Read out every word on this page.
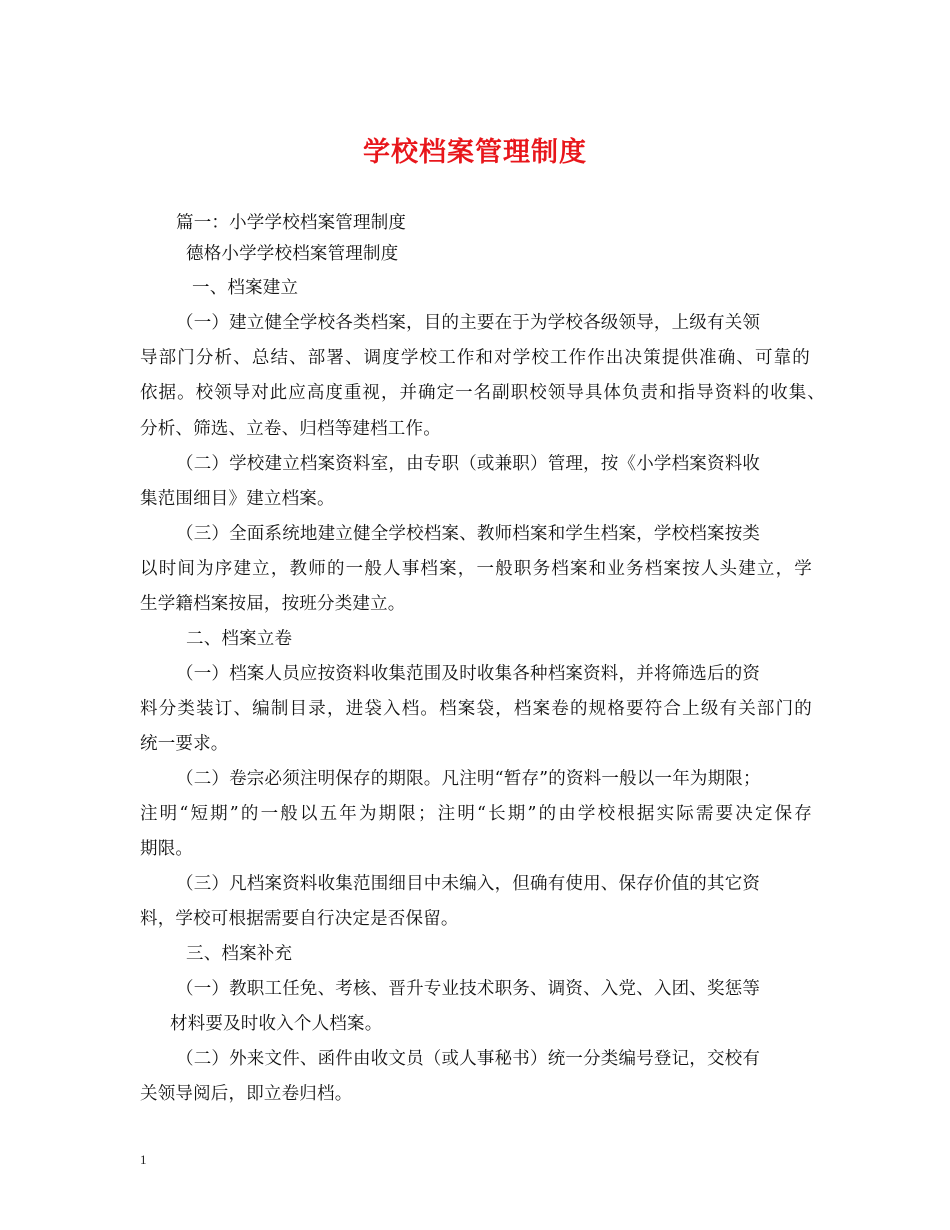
学校档案管理制度
篇一：小学学校档案管理制度
德格小学学校档案管理制度
一、档案建立
（一）建立健全学校各类档案，目的主要在于为学校各级领导，上级有关领
导部门分析、总结、部署、调度学校工作和对学校工作作出决策提供准确、可靠的
依据。校领导对此应高度重视，并确定一名副职校领导具体负责和指导资料的收集、
分析、筛选、立卷、归档等建档工作。
（二）学校建立档案资料室，由专职（或兼职）管理，按《小学档案资料收
集范围细目》建立档案。
（三）全面系统地建立健全学校档案、教师档案和学生档案，学校档案按类
以时间为序建立，教师的一般人事档案，一般职务档案和业务档案按人头建立，学
生学籍档案按届，按班分类建立。
二、档案立卷
（一）档案人员应按资料收集范围及时收集各种档案资料，并将筛选后的资
料分类装订、编制目录，进袋入档。档案袋，档案卷的规格要符合上级有关部门的
统一要求。
（二）卷宗必须注明保存的期限。凡注明“暂存”的资料一般以一年为期限；
注明“短期”的一般以五年为期限；注明“长期”的由学校根据实际需要决定保存
期限。
（三）凡档案资料收集范围细目中未编入，但确有使用、保存价值的其它资
料，学校可根据需要自行决定是否保留。
三、档案补充
（一）教职工任免、考核、晋升专业技术职务、调资、入党、入团、奖惩等
材料要及时收入个人档案。
（二）外来文件、函件由收文员（或人事秘书）统一分类编号登记，交校有
关领导阅后，即立卷归档。
1
